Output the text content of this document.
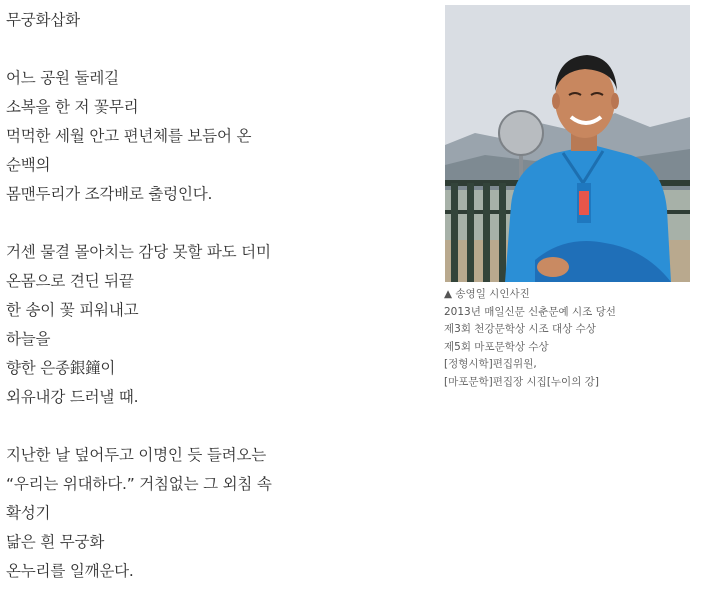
무궁화삽화
어느 공원 둘레길
소복을 한 저 꽃무리
먹먹한 세월 안고 편년체를 보듬어 온
순백의
몸맨두리가 조각배로 출렁인다.
거센 물결 몰아치는 감당 못할 파도 더미
온몸으로 견딘 뒤끝
한 송이 꽃 피워내고
하늘을
향한 은종銀鐘이
외유내강 드러낼 때.
지난한 날 덮어두고 이명인 듯 들려오는
“우리는 위대하다.” 거침없는 그 외침 속
확성기
닮은 흰 무궁화
온누리를 일깨운다.
▲ 송영일 시인사진
2013년 매일신문 신춘문예 시조 당선
제3회 천강문학상 시조 대상 수상
제5회 마포문학상 수상
[정형시학]편집위원,
[마포문학]편집장 시집[누이의 강]
